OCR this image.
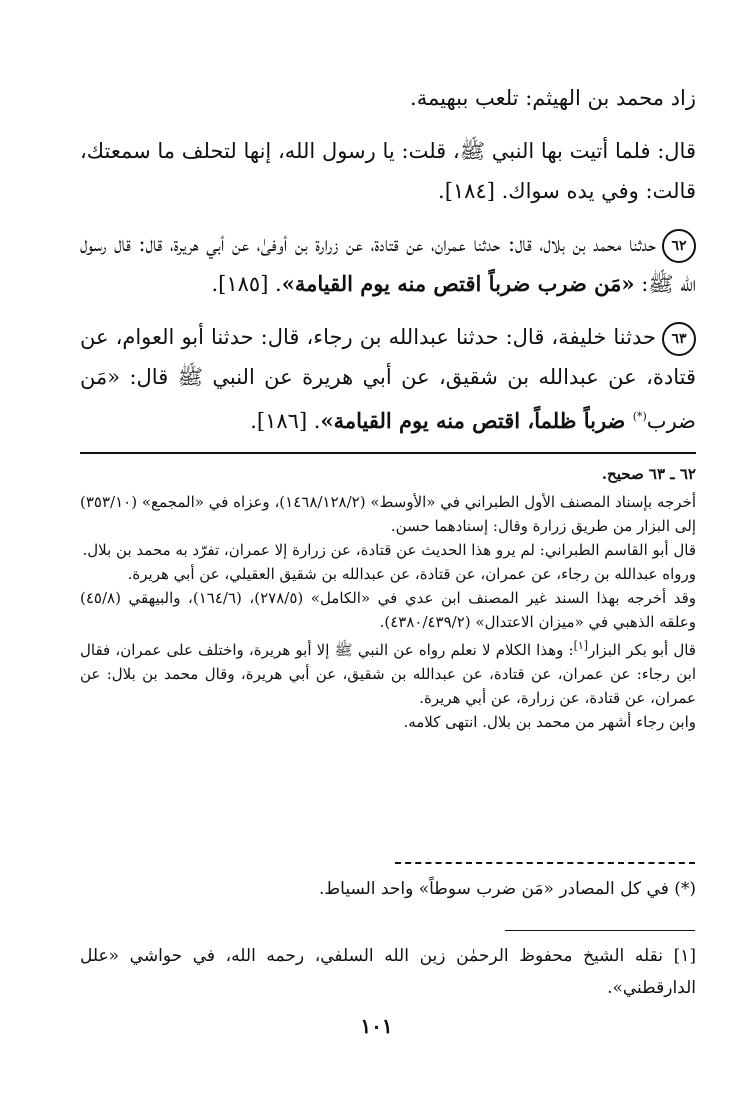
زاد محمد بن الهيثم: تلعب ببهيمة.

قال: فلما أتيت بها النبي ﷺ، قلت: يا رسول الله، إنها لتحلف ما سمعتك، قالت: وفي يده سواك. [١٨٤].

٦٢حدثنا محمد بن بلال، قال: حدثنا عمران، عن قتادة، عن زرارة بن أوفىٰ، عن أبي هريرة، قال: قال رسول الله ﷺ: «مَن ضرب ضرباً اقتص منه يوم القيامة». [١٨٥].

٦٣حدثنا خليفة، قال: حدثنا عبدالله بن رجاء، قال: حدثنا أبو العوام، عن قتادة، عن عبدالله بن شقيق، عن أبي هريرة عن النبي ﷺ قال: «مَن ضرب(*) ضرباً ظلماً، اقتص منه يوم القيامة». [١٨٦].

٦٢ ـ ٦٣ صحيح.

أخرجه بإسناد المصنف الأول الطبراني في «الأوسط» (١٤٦٨/١٢٨/٢)، وعزاه في «المجمع» (٣٥٣/١٠) إلى البزار من طريق زرارة وقال: إسنادهما حسن.

قال أبو القاسم الطبراني: لم يرو هذا الحديث عن قتادة، عن زرارة إلا عمران، تفرّد به محمد بن بلال.

ورواه عبدالله بن رجاء، عن عمران، عن قتادة، عن عبدالله بن شقيق العقيلي، عن أبي هريرة.

وقد أخرجه بهذا السند غير المصنف ابن عدي في «الكامل» (٢٧٨/٥)، (١٦٤/٦)، والبيهقي (٤٥/٨) وعلقه الذهبي في «ميزان الاعتدال» (٤٣٨٠/٤٣٩/٢).

قال أبو بكر البزار[١]: وهذا الكلام لا نعلم رواه عن النبي ﷺ إلا أبو هريرة، واختلف على عمران، فقال ابن رجاء: عن عمران، عن قتادة، عن عبدالله بن شقيق، عن أبي هريرة، وقال محمد بن بلال: عن عمران، عن قتادة، عن زرارة، عن أبي هريرة.

وابن رجاء أشهر من محمد بن بلال. انتهى كلامه.

(*) في كل المصادر «مَن ضرب سوطاً» واحد السياط.
[١] نقله الشيخ محفوظ الرحمٰن زين الله السلفي، رحمه الله، في حواشي «علل الدارقطني».
١٠١
